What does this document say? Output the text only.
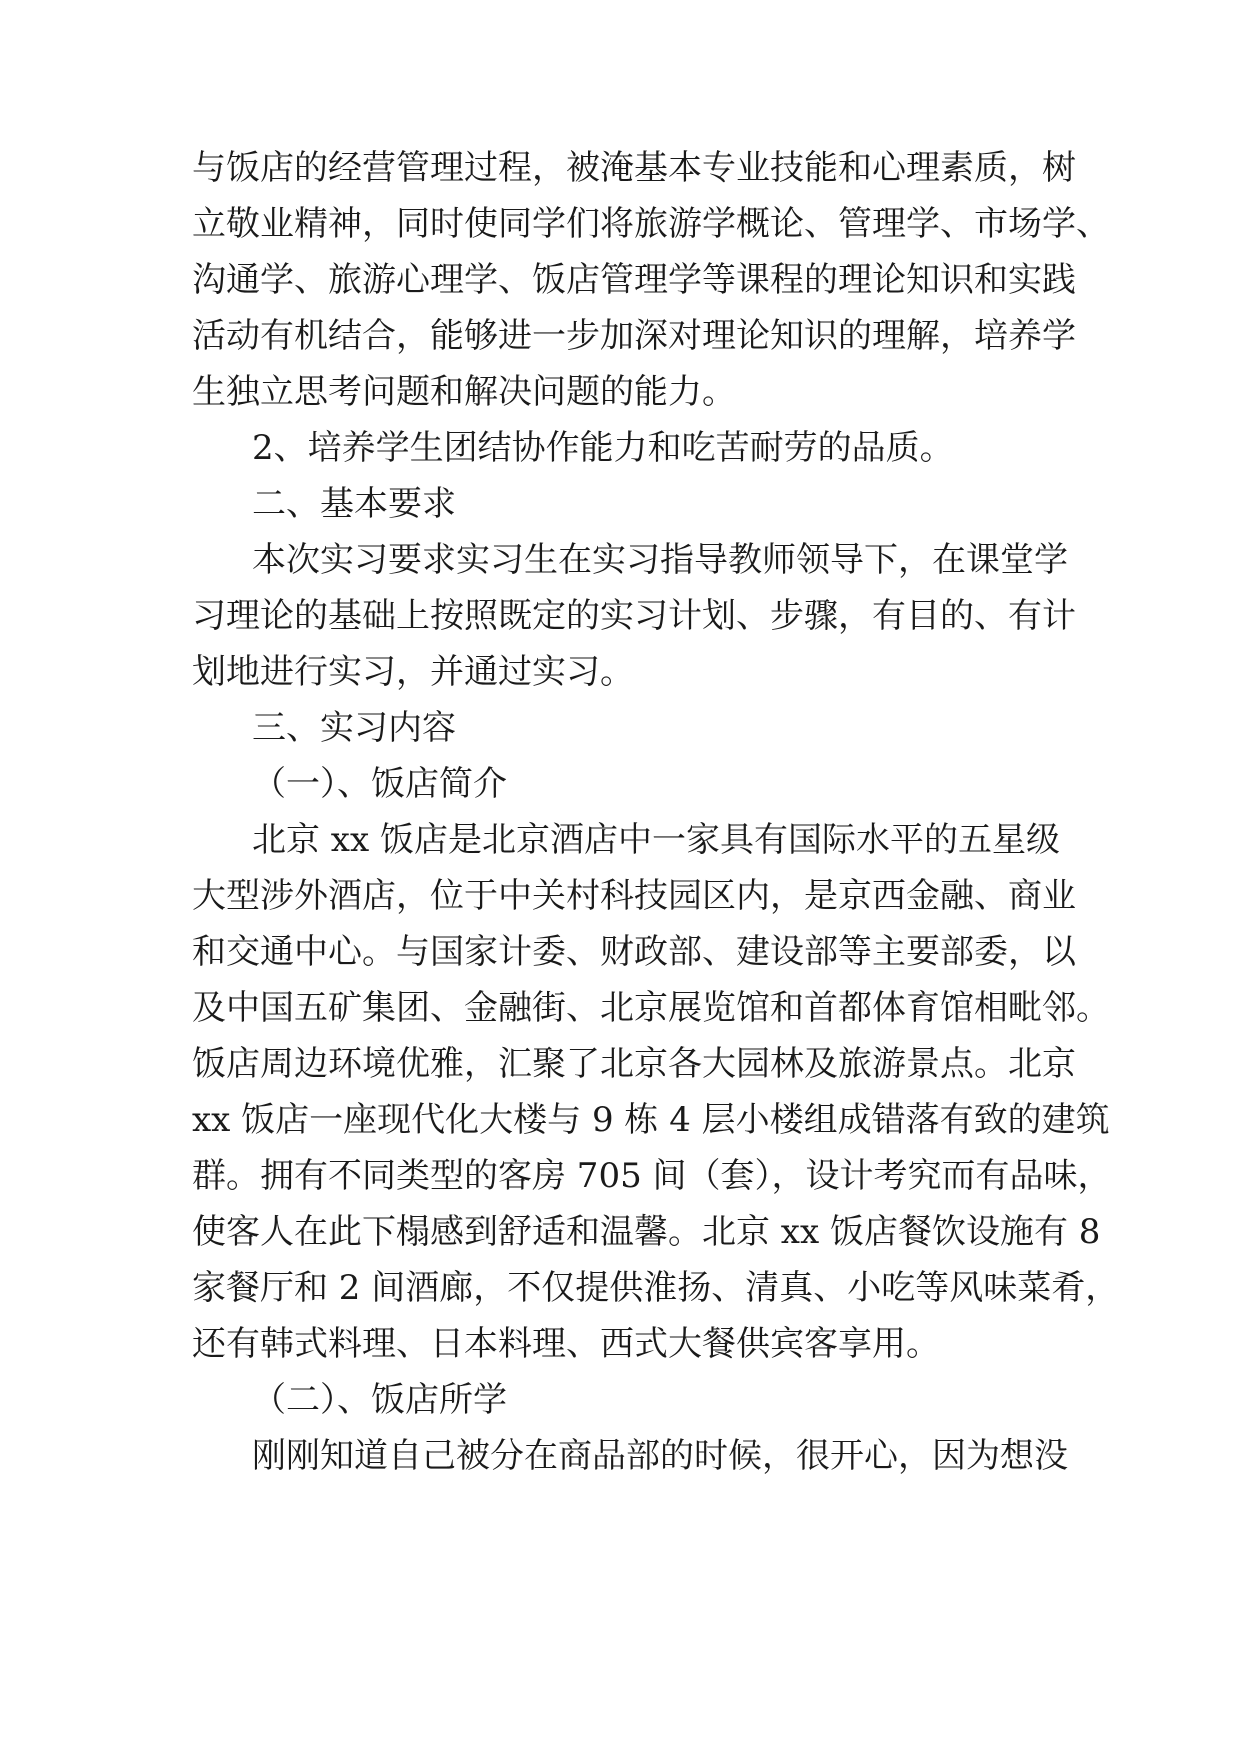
与饭店的经营管理过程，被淹基本专业技能和心理素质，树
立敬业精神，同时使同学们将旅游学概论、管理学、市场学、
沟通学、旅游心理学、饭店管理学等课程的理论知识和实践
活动有机结合，能够进一步加深对理论知识的理解，培养学
生独立思考问题和解决问题的能力。
2、培养学生团结协作能力和吃苦耐劳的品质。
二、基本要求
本次实习要求实习生在实习指导教师领导下，在课堂学
习理论的基础上按照既定的实习计划、步骤，有目的、有计
划地进行实习，并通过实习。
三、实习内容
（一）、饭店简介
北京 xx 饭店是北京酒店中一家具有国际水平的五星级
大型涉外酒店，位于中关村科技园区内，是京西金融、商业
和交通中心。与国家计委、财政部、建设部等主要部委，以
及中国五矿集团、金融街、北京展览馆和首都体育馆相毗邻。
饭店周边环境优雅，汇聚了北京各大园林及旅游景点。北京
xx 饭店一座现代化大楼与 9 栋 4 层小楼组成错落有致的建筑
群。拥有不同类型的客房 705 间（套），设计考究而有品味，
使客人在此下榻感到舒适和温馨。北京 xx 饭店餐饮设施有 8
家餐厅和 2 间酒廊，不仅提供淮扬、清真、小吃等风味菜肴，
还有韩式料理、日本料理、西式大餐供宾客享用。
（二）、饭店所学
刚刚知道自己被分在商品部的时候，很开心，因为想没
